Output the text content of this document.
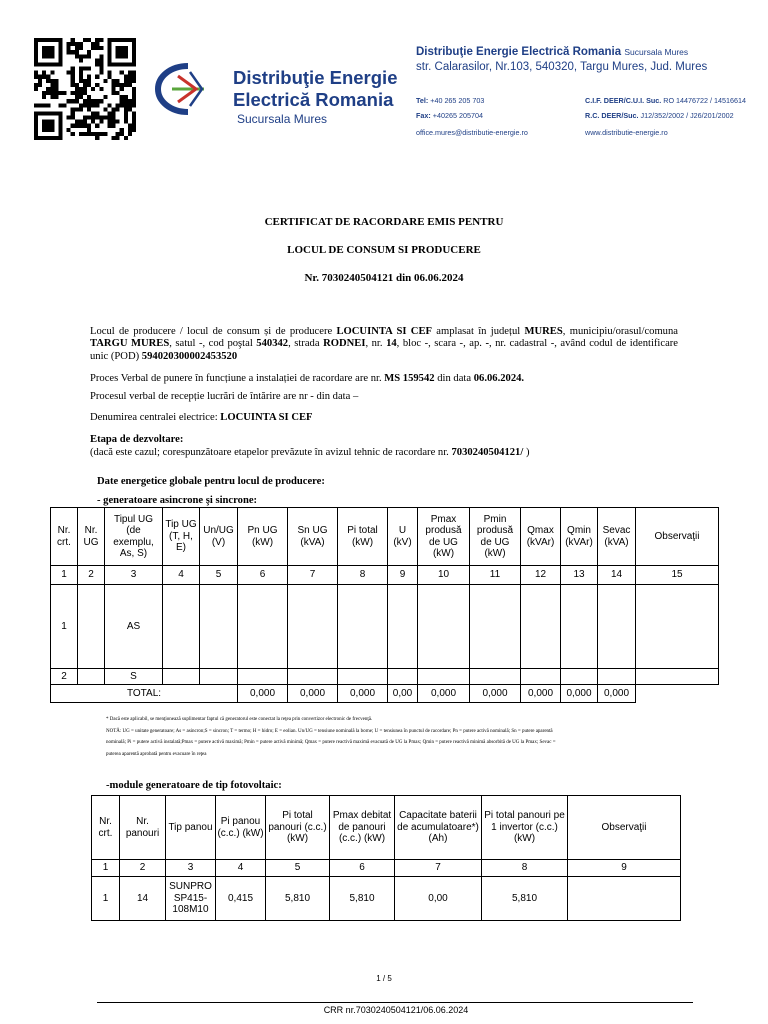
Distribuţie Energie
Electrică Romania
Sucursala Mures
Distribuţie Energie Electrică Romania Sucursala Mures
str. Calarasilor, Nr.103, 540320, Targu Mures, Jud. Mures
Tel: +40 265 205 703
Fax: +40265 205704
office.mures@distributie-energie.ro
C.I.F. DEER/C.U.I. Suc. RO 14476722 / 14516614
R.C. DEER/Suc. J12/352/2002 / J26/201/2002
www.distributie-energie.ro
CERTIFICAT DE RACORDARE EMIS PENTRU
LOCUL DE CONSUM SI PRODUCERE
Nr. 7030240504121 din 06.06.2024
Locul de producere / locul de consum și de producere LOCUINTA SI CEF amplasat în județul MURES, municipiu/orasul/comuna TARGU MURES, satul -, cod poştal 540342, strada RODNEI, nr. 14, bloc -, scara -, ap. -, nr. cadastral -, având codul de identificare unic (POD) 594020300002453520
Proces Verbal de punere în funcțiune a instalației de racordare are nr. MS 159542 din data 06.06.2024.
Procesul verbal de recepție lucrări de întărire are nr - din data –
Denumirea centralei electrice: LOCUINTA SI CEF
Etapa de dezvoltare:
(dacă este cazul; corespunzătoare etapelor prevăzute în avizul tehnic de racordare nr. 7030240504121/ )
Date energetice globale pentru locul de producere:
- generatoare asincrone şi sincrone:
Nr. crt.	Nr. UG	Tipul UG (de exemplu, As, S)	Tip UG (T, H, E)	Un/UG (V)	Pn UG (kW)	Sn UG (kVA)	Pi total (kW)	U (kV)	Pmax produsă de UG (kW)	Pmin produsă de UG (kW)	Qmax (kVAr)	Qmin (kVAr)	Sevac (kVA)	Observaţii
1	2	3	4	5	6	7	8	9	10	11	12	13	14	15
1		AS												
2		S												
TOTAL:					0,000	0,000	0,000	0,00	0,000	0,000	0,000	0,000	0,000	
* Dacă este aplicabil, se menţionează suplimentar faptul că generatorul este conectat la reţea prin convertizor electronic de frecvenţă.
NOTĂ: UG = unitate generatoare; As = asincron;S = sincron; T = termo; H = hidro; E = eolian. Un/UG = tensiune nominală la borne; U = tensiunea în punctul de racordare; Pn = putere activă nominală; Sn = putere aparentă
nominală; Pi = putere activă instalată;Pmax = putere activă maximă; Pmin = putere activă minimă; Qmax = putere reactivă maximă evacuată de UG la Pmax; Qmin = putere reactivă minimă absorbită de UG la Pmax; Sevac =
puterea aparentă aprobată pentru evacuare în reţea
-module generatoare de tip fotovoltaic:
Nr. crt.	Nr. panouri	Tip panou	Pi panou (c.c.) (kW)	Pi total panouri (c.c.) (kW)	Pmax debitat de panouri (c.c.) (kW)	Capacitate baterii de acumulatoare*) (Ah)	Pi total panouri pe 1 invertor (c.c.) (kW)	Observaţii
1	2	3	4	5	6	7	8	9
1	14	SUNPRO SP415-108M10	0,415	5,810	5,810	0,00	5,810	
1 / 5
CRR nr.7030240504121/06.06.2024
